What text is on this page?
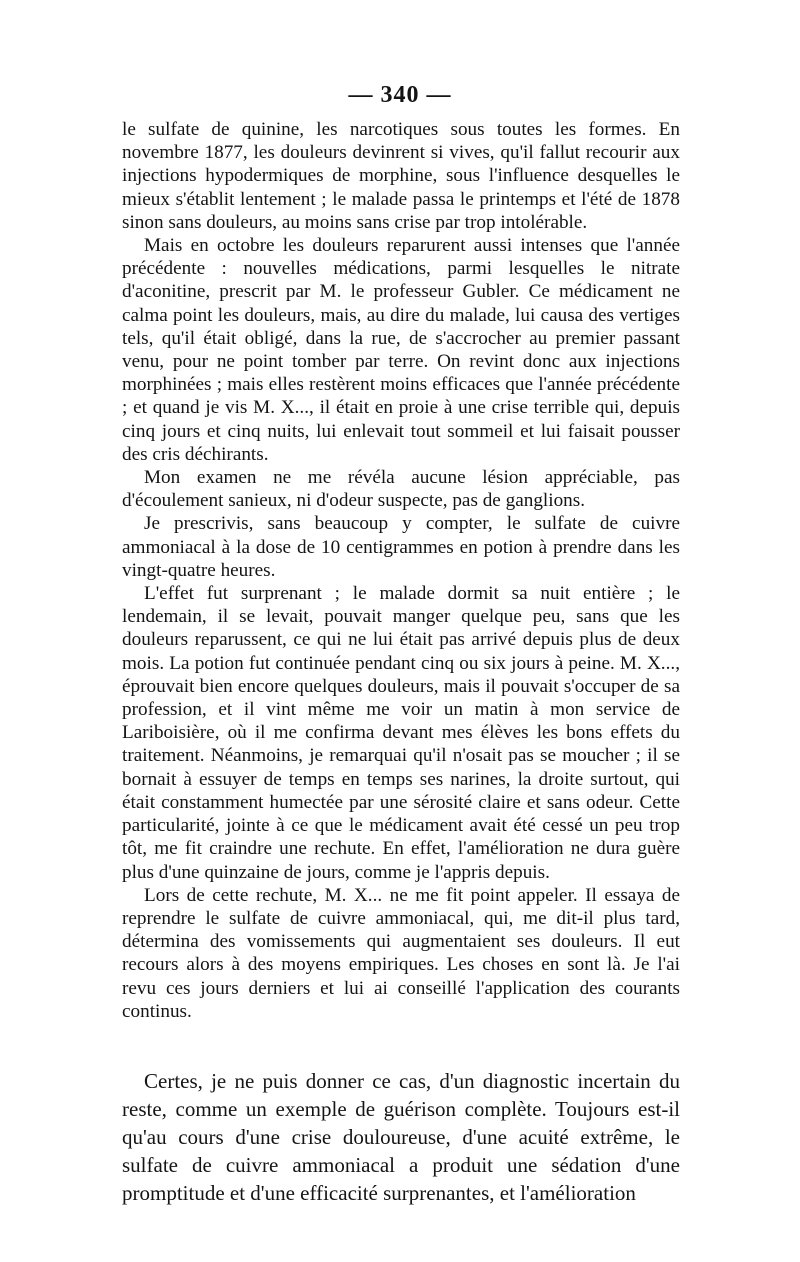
— 340 —

le sulfate de quinine, les narcotiques sous toutes les formes. En novembre 1877, les douleurs devinrent si vives, qu'il fallut recourir aux injections hypodermiques de morphine, sous l'influence desquelles le mieux s'établit lentement ; le malade passa le printemps et l'été de 1878 sinon sans douleurs, au moins sans crise par trop intolérable.

Mais en octobre les douleurs reparurent aussi intenses que l'année précédente : nouvelles médications, parmi lesquelles le nitrate d'aconitine, prescrit par M. le professeur Gubler. Ce médicament ne calma point les douleurs, mais, au dire du malade, lui causa des vertiges tels, qu'il était obligé, dans la rue, de s'accrocher au premier passant venu, pour ne point tomber par terre. On revint donc aux injections morphinées ; mais elles restèrent moins efficaces que l'année précédente ; et quand je vis M. X..., il était en proie à une crise terrible qui, depuis cinq jours et cinq nuits, lui enlevait tout sommeil et lui faisait pousser des cris déchirants.

Mon examen ne me révéla aucune lésion appréciable, pas d'écoulement sanieux, ni d'odeur suspecte, pas de ganglions.

Je prescrivis, sans beaucoup y compter, le sulfate de cuivre ammoniacal à la dose de 10 centigrammes en potion à prendre dans les vingt-quatre heures.

L'effet fut surprenant ; le malade dormit sa nuit entière ; le lendemain, il se levait, pouvait manger quelque peu, sans que les douleurs reparussent, ce qui ne lui était pas arrivé depuis plus de deux mois. La potion fut continuée pendant cinq ou six jours à peine. M. X..., éprouvait bien encore quelques douleurs, mais il pouvait s'occuper de sa profession, et il vint même me voir un matin à mon service de Lariboisière, où il me confirma devant mes élèves les bons effets du traitement. Néanmoins, je remarquai qu'il n'osait pas se moucher ; il se bornait à essuyer de temps en temps ses narines, la droite surtout, qui était constamment humectée par une sérosité claire et sans odeur. Cette particularité, jointe à ce que le médicament avait été cessé un peu trop tôt, me fit craindre une rechute. En effet, l'amélioration ne dura guère plus d'une quinzaine de jours, comme je l'appris depuis.

Lors de cette rechute, M. X... ne me fit point appeler. Il essaya de reprendre le sulfate de cuivre ammoniacal, qui, me dit-il plus tard, détermina des vomissements qui augmentaient ses douleurs. Il eut recours alors à des moyens empiriques. Les choses en sont là. Je l'ai revu ces jours derniers et lui ai conseillé l'application des courants continus.

Certes, je ne puis donner ce cas, d'un diagnostic incertain du reste, comme un exemple de guérison complète. Toujours est-il qu'au cours d'une crise douloureuse, d'une acuité extrême, le sulfate de cuivre ammoniacal a produit une sédation d'une promptitude et d'une efficacité surprenantes, et l'amélioration
